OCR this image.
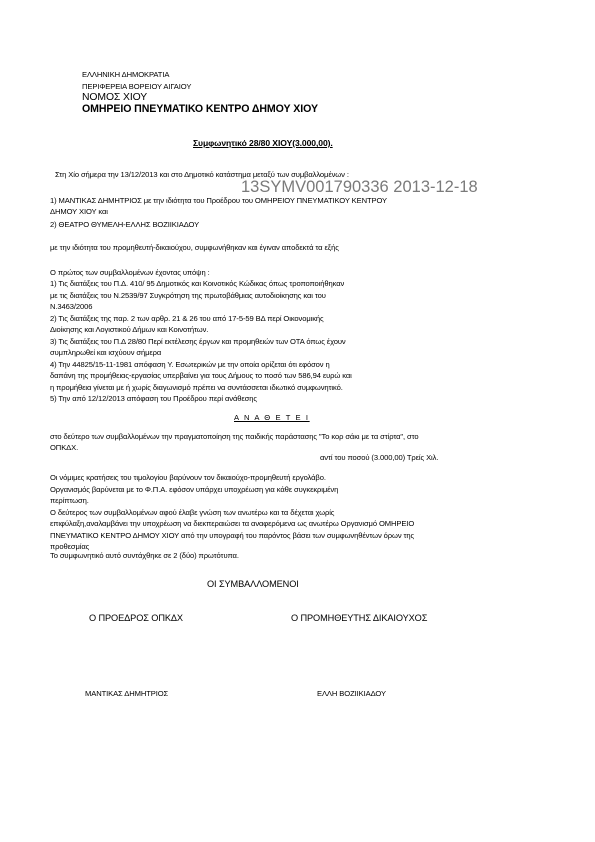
ΕΛΛΗΝΙΚΗ ΔΗΜΟΚΡΑΤΙΑ
ΠΕΡΙΦΕΡΕΙΑ ΒΟΡΕΙΟΥ ΑΙΓΑΙΟΥ
ΝΟΜΟΣ ΧΙΟΥ
ΟΜΗΡΕΙΟ ΠΝΕΥΜΑΤΙΚΟ ΚΕΝΤΡΟ ΔΗΜΟΥ ΧΙΟΥ
Συμφωνητικό 28/80 ΧΙΟΥ(3.000,00).
Στη Χίο σήμερα την 13/12/2013 και στο Δημοτικό κατάστημα μεταξύ των συμβαλλομένων :
13SYMV001790336 2013-12-18
1) ΜΑΝΤΙΚΑΣ ΔΗΜΗΤΡΙΟΣ με την ιδιότητα του Προέδρου του ΟΜΗΡΕΙΟΥ ΠΝΕΥΜΑΤΙΚΟΥ ΚΕΝΤΡΟΥ
ΔΗΜΟΥ ΧΙΟΥ και
2) ΘΕΑΤΡΟ ΘΥΜΕΛΗ-ΕΛΛΗΣ ΒΟΖΙΙΚΙΑΔΟΥ
με την ιδιότητα του προμηθευτή-δικαιούχου, συμφωνήθηκαν και έγιναν αποδεκτά τα εξής
Ο πρώτος των συμβαλλομένων έχοντας υπόψη :
1) Τις διατάξεις του Π.Δ. 410/ 95 Δημοτικός και Κοινοτικός Κώδικας όπως τροποποιήθηκαν
με τις διατάξεις του Ν.2539/97 Συγκρότηση της πρωτοβάθμιας αυτοδιοίκησης και του
Ν.3463/2006
2) Τις διατάξεις της παρ. 2 των αρθρ. 21 & 26 του από 17-5-59 ΒΔ περί Οικονομικής
Διοίκησης και Λογιστικού Δήμων και Κοινοτήτων.
3) Τις διατάξεις του Π.Δ 28/80 Περί εκτέλεσης έργων και προμηθειών των ΟΤΑ όπως έχουν
συμπληρωθεί και ισχύουν σήμερα
4) Την 44825/15-11-1981 απόφαση Υ. Εσωτερικών με την οποία ορίζεται ότι εφόσον η
δαπάνη της προμήθειας-εργασίας υπερβαίνει για τους Δήμους το ποσό των 586,94 ευρώ και
η προμήθεια γίνεται με ή χωρίς διαγωνισμό πρέπει να συντάσσεται ιδιωτικό συμφωνητικό.
5) Την από 12/12/2013 απόφαση του Προέδρου περί ανάθεσης
Α Ν Α Θ Ε Τ Ε Ι
στο δεύτερο των συμβαλλομένων την πραγματοποίηση της παιδικής παράστασης "Το κορ σάκι με τα στίρτα", στο
ΟΠΚΔΧ.
αντί του ποσού (3.000,00) Τρείς Χιλ.
Οι νόμιμες κρατήσεις του τιμολογίου βαρύνουν τον δικαιούχο-προμηθευτή εργολάβο.
Οργανισμός βαρύνεται με το Φ.Π.Α. εφόσον υπάρχει υποχρέωση για κάθε συγκεκριμένη
περίπτωση.
Ο δεύτερος των συμβαλλομένων αφού έλαβε γνώση των ανωτέρω και τα δέχεται χωρίς
επιφύλαξη,αναλαμβάνει την υποχρέωση να διεκπεραιώσει τα αναφερόμενα ως ανωτέρω Οργανισμό ΟΜΗΡΕΙΟ
ΠΝΕΥΜΑΤΙΚΟ ΚΕΝΤΡΟ ΔΗΜΟΥ ΧΙΟΥ από την υπογραφή του παρόντος βάσει των συμφωνηθέντων όρων της
προθεσμίας
Το συμφωνητικό αυτό συντάχθηκε σε 2 (δύο) πρωτότυπα.
ΟΙ ΣΥΜΒΑΛΛΟΜΕΝΟΙ
Ο ΠΡΟΕΔΡΟΣ ΟΠΚΔΧ	Ο ΠΡΟΜΗΘΕΥΤΗΣ ΔΙΚΑΙΟΥΧΟΣ
ΜΑΝΤΙΚΑΣ ΔΗΜΗΤΡΙΟΣ	ΕΛΛΗ ΒΟΖΙΙΚΙΑΔΟΥ
